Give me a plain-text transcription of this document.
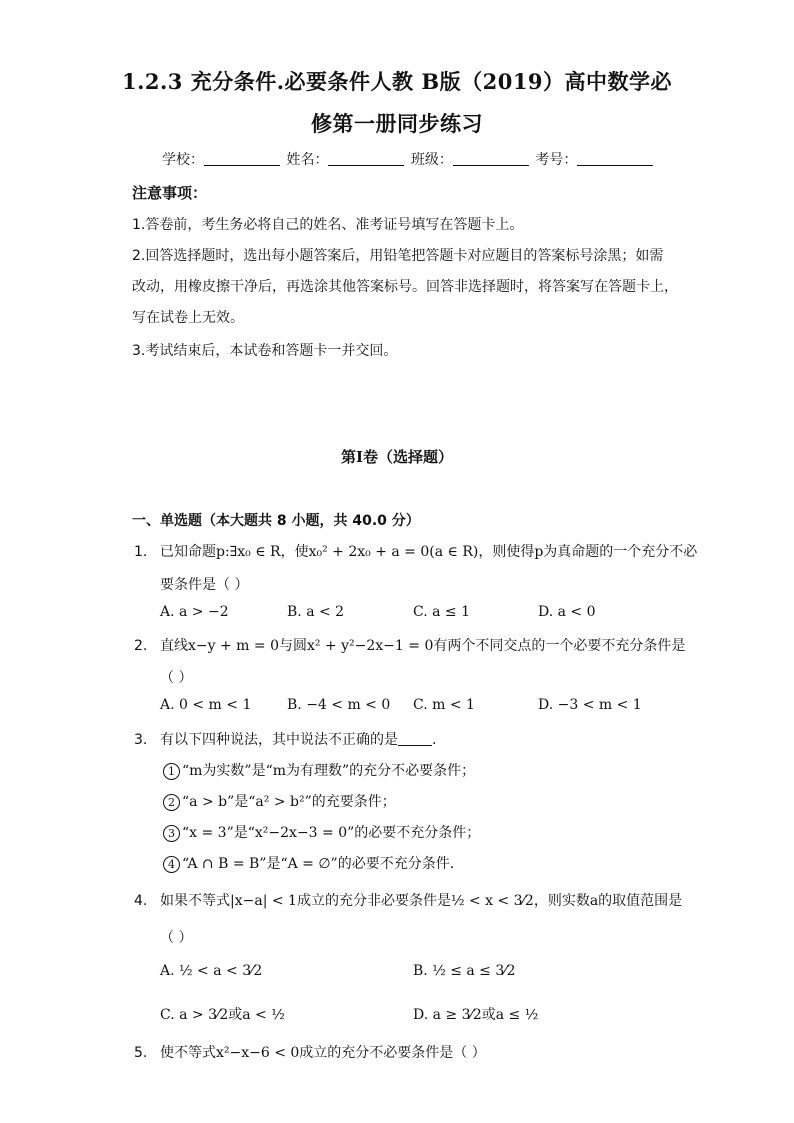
1.2.3 充分条件.必要条件人教 B版（2019）高中数学必
修第一册同步练习
学校：	姓名：	班级：	考号：
注意事项：
1.答卷前，考生务必将自己的姓名、准考证号填写在答题卡上。
2.回答选择题时，选出每小题答案后，用铅笔把答题卡对应题目的答案标号涂黑；如需
改动，用橡皮擦干净后，再选涂其他答案标号。回答非选择题时，将答案写在答题卡上，
写在试卷上无效。
3.考试结束后，本试卷和答题卡一并交回。
第I卷（选择题）
一、单选题（本大题共 8 小题，共 40.0 分）
1. 已知命题p:∃x₀ ∈ R，使x₀² + 2x₀ + a = 0(a ∈ R)，则使得p为真命题的一个充分不必
要条件是（ ）
A. a > −2	B. a < 2	C. a ≤ 1	D. a < 0
2. 直线x−y + m = 0与圆x² + y²−2x−1 = 0有两个不同交点的一个必要不充分条件是
（ ）
A. 0 < m < 1	B. −4 < m < 0 C. m < 1	D. −3 < m < 1
3. 有以下四种说法，其中说法不正确的是 .
1 “m为实数”是“m为有理数”的充分不必要条件；
2 “a > b”是“a² > b²”的充要条件；
3 “x = 3”是“x²−2x−3 = 0”的必要不充分条件；
4 “A ∩ B = B”是“A = ∅”的必要不充分条件．
4. 如果不等式|x−a| < 1成立的充分非必要条件是½ < x < 3⁄2，则实数a的取值范围是
（ ）
A. ½ < a < 3⁄2	B. ½ ≤ a ≤ 3⁄2
C. a > 3⁄2或a < ½	D. a ≥ 3⁄2或a ≤ ½
5. 使不等式x²−x−6 < 0成立的充分不必要条件是（ ）
